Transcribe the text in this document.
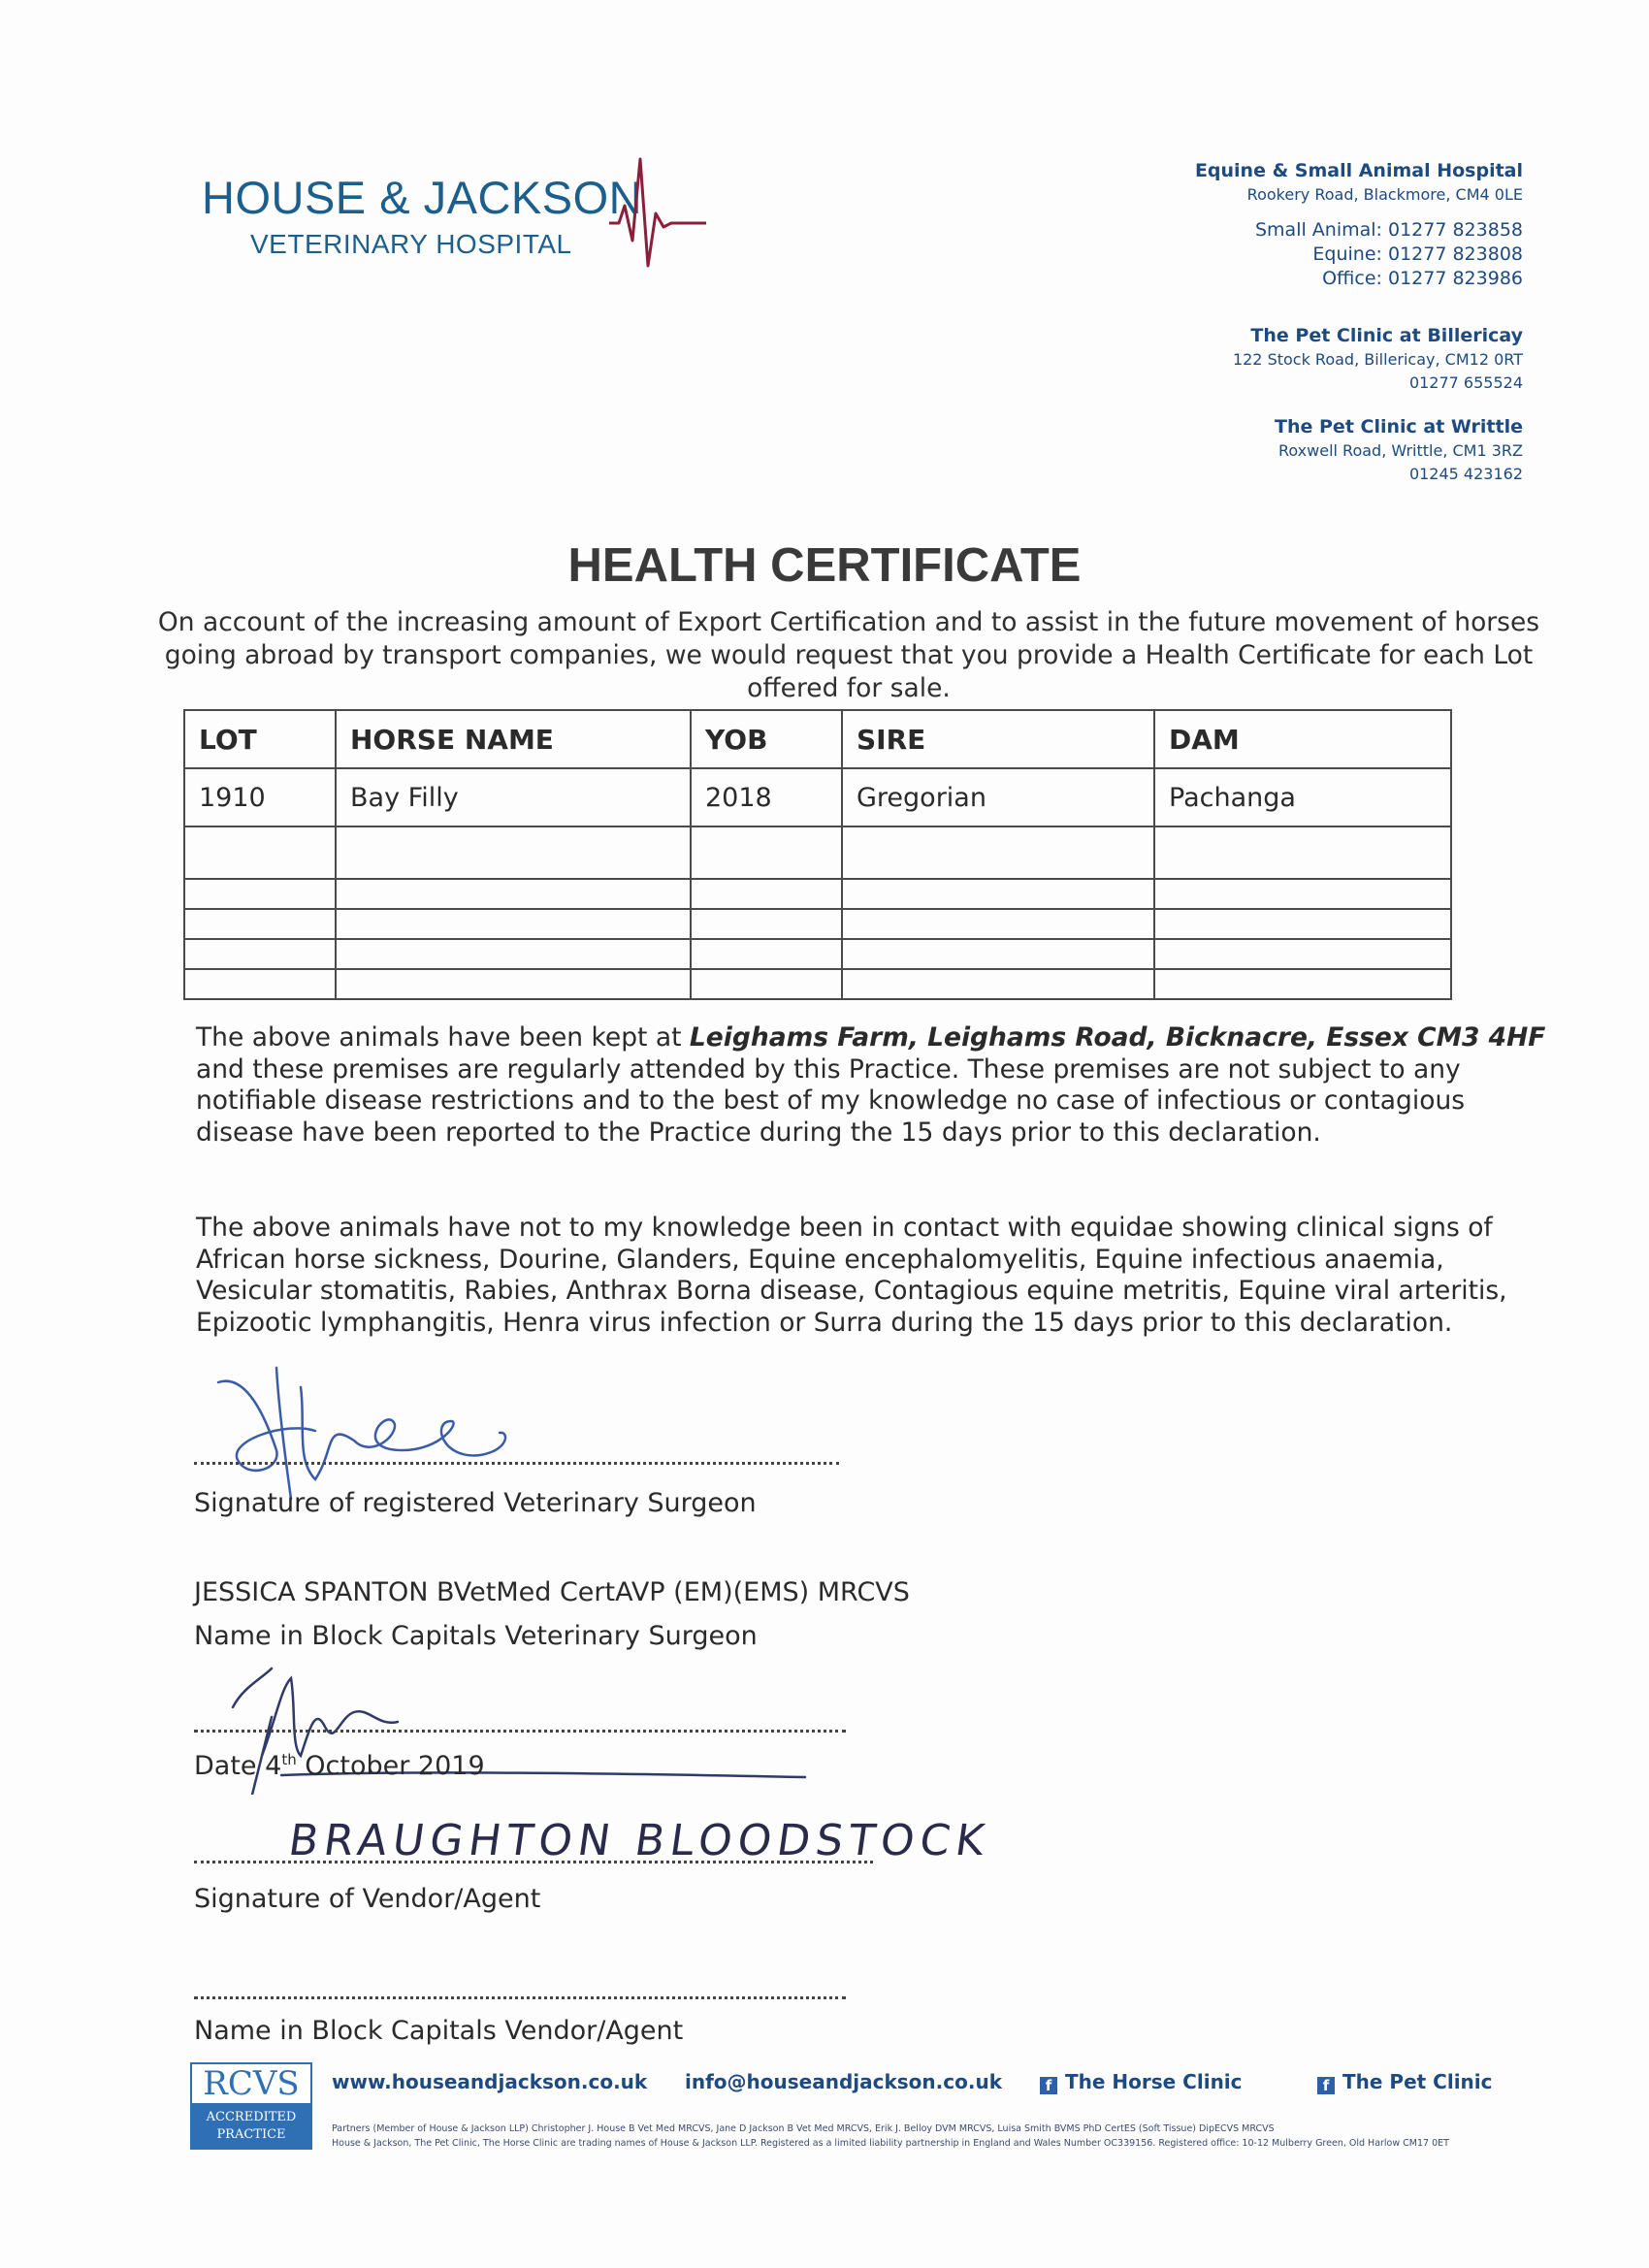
HOUSE & JACKSON
VETERINARY HOSPITAL
Equine & Small Animal Hospital
Rookery Road, Blackmore, CM4 0LE
Small Animal: 01277 823858
Equine: 01277 823808
Office: 01277 823986
The Pet Clinic at Billericay
122 Stock Road, Billericay, CM12 0RT
01277 655524
The Pet Clinic at Writtle
Roxwell Road, Writtle, CM1 3RZ
01245 423162
HEALTH CERTIFICATE
On account of the increasing amount of Export Certification and to assist in the future movement of horses going abroad by transport companies, we would request that you provide a Health Certificate for each Lot offered for sale.
LOT	HORSE NAME	YOB	SIRE	DAM
1910	Bay Filly	2018	Gregorian	Pachanga

The above animals have been kept at Leighams Farm, Leighams Road, Bicknacre, Essex CM3 4HF and these premises are regularly attended by this Practice. These premises are not subject to any notifiable disease restrictions and to the best of my knowledge no case of infectious or contagious disease have been reported to the Practice during the 15 days prior to this declaration.
The above animals have not to my knowledge been in contact with equidae showing clinical signs of African horse sickness, Dourine, Glanders, Equine encephalomyelitis, Equine infectious anaemia, Vesicular stomatitis, Rabies, Anthrax Borna disease, Contagious equine metritis, Equine viral arteritis, Epizootic lymphangitis, Henra virus infection or Surra during the 15 days prior to this declaration.
Signature of registered Veterinary Surgeon
JESSICA SPANTON BVetMed CertAVP (EM)(EMS) MRCVS
Name in Block Capitals Veterinary Surgeon
Date 4th October 2019
BRAUGHTON BLOODSTOCK
Signature of Vendor/Agent
Name in Block Capitals Vendor/Agent
RCVS
ACCREDITED PRACTICE
www.houseandjackson.co.uk info@houseandjackson.co.uk	f The Horse Clinic	f The Pet Clinic
Partners (Member of House & Jackson LLP) Christopher J. House B Vet Med MRCVS, Jane D Jackson B Vet Med MRCVS, Erik J. Belloy DVM MRCVS, Luisa Smith BVMS PhD CertES (Soft Tissue) DipECVS MRCVS
House & Jackson, The Pet Clinic, The Horse Clinic are trading names of House & Jackson LLP. Registered as a limited liability partnership in England and Wales Number OC339156. Registered office: 10-12 Mulberry Green, Old Harlow CM17 0ET
